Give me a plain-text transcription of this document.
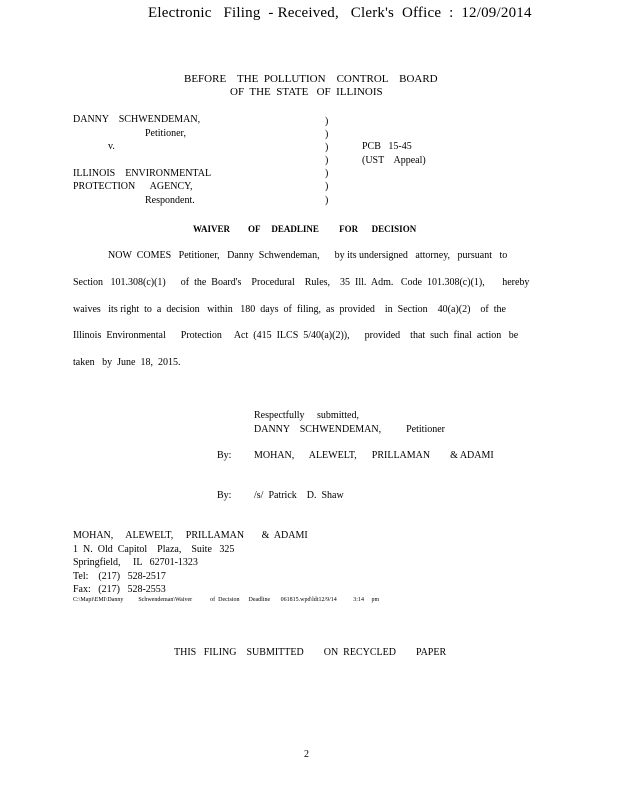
Electronic   Filing  - Received,   Clerk's  Office  :  12/09/2014
BEFORE    THE  POLLUTION    CONTROL    BOARD
OF  THE  STATE   OF  ILLINOIS
DANNY    SCHWENDEMAN,
Petitioner,
v.
ILLINOIS    ENVIRONMENTAL
PROTECTION      AGENCY,
Respondent.
)
)
)
)
)
)
)
PCB   15-45
(UST    Appeal)
WAIVER        OF     DEADLINE         FOR      DECISION
NOW  COMES   Petitioner,   Danny  Schwendeman,      by its undersigned   attorney,   pursuant   to
Section   101.308(c)(1)      of  the  Board's    Procedural    Rules,    35  Ill.  Adm.   Code  101.308(c)(1),       hereby
waives   its right  to  a  decision   within   180  days  of  filing,  as  provided    in  Section    40(a)(2)    of  the
Illinois  Environmental      Protection     Act  (415  ILCS  5/40(a)(2)),      provided    that  such  final  action   be
taken   by  June  18,  2015.
Respectfully     submitted,
DANNY    SCHWENDEMAN,          Petitioner
By: MOHAN,      ALEWELT,      PRILLAMAN        & ADAMI
By: /s/  Patrick    D.  Shaw
MOHAN,     ALEWELT,     PRILLAMAN       &  ADAMI
1  N.  Old  Capitol    Plaza,    Suite   325
Springfield,     IL   62701-1323
Tel:    (217)   528-2517
Fax:   (217)   528-2553
C:\Mapi\EMI\Danny          Schwendeman\Waiver            of  Decision      Deadline       061815.wpd\ldt12/9/14           3:14     pm
THIS   FILING    SUBMITTED        ON  RECYCLED        PAPER
2
